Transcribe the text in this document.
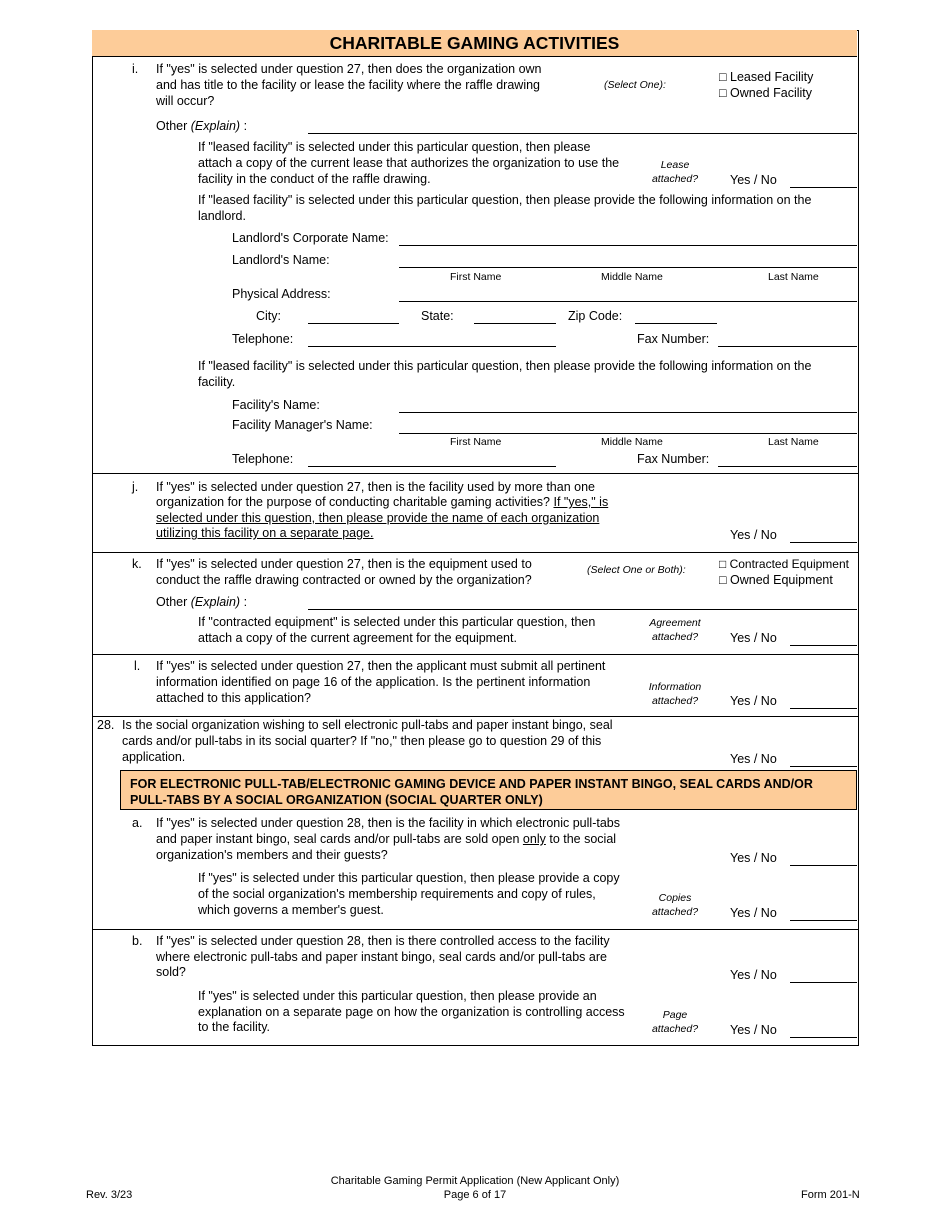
CHARITABLE GAMING ACTIVITIES
i. If "yes" is selected under question 27, then does the organization own
and has title to the facility or lease the facility where the raffle drawing
will occur?
(Select One):
□ Leased Facility
□ Owned Facility
Other (Explain) :
If "leased facility" is selected under this particular question, then please
attach a copy of the current lease that authorizes the organization to use the
facility in the conduct of the raffle drawing.
Lease
attached?	Yes / No
If "leased facility" is selected under this particular question, then please provide the following information on the
landlord.
Landlord's Corporate Name:
Landlord's Name:
First Name	Middle Name	Last Name
Physical Address:
City:	State:	Zip Code:
Telephone:	Fax Number:
If "leased facility" is selected under this particular question, then please provide the following information on the
facility.
Facility's Name:
Facility Manager's Name:
First Name	Middle Name	Last Name
Telephone:	Fax Number:
j. If "yes" is selected under question 27, then is the facility used by more than one
organization for the purpose of conducting charitable gaming activities? If "yes," is
selected under this question, then please provide the name of each organization
utilizing this facility on a separate page.	Yes / No
k. If "yes" is selected under question 27, then is the equipment used to
conduct the raffle drawing contracted or owned by the organization?
(Select One or Both):	□ Contracted Equipment
□ Owned Equipment
Other (Explain) :
If "contracted equipment" is selected under this particular question, then
attach a copy of the current agreement for the equipment.
Agreement
attached?	Yes / No
l. If "yes" is selected under question 27, then the applicant must submit all pertinent
information identified on page 16 of the application. Is the pertinent information
attached to this application?
Information
attached?	Yes / No
28. Is the social organization wishing to sell electronic pull-tabs and paper instant bingo, seal
cards and/or pull-tabs in its social quarter? If "no," then please go to question 29 of this
application.	Yes / No
FOR ELECTRONIC PULL-TAB/ELECTRONIC GAMING DEVICE AND PAPER INSTANT BINGO, SEAL CARDS AND/OR
PULL-TABS BY A SOCIAL ORGANIZATION (SOCIAL QUARTER ONLY)
a. If "yes" is selected under question 28, then is the facility in which electronic pull-tabs
and paper instant bingo, seal cards and/or pull-tabs are sold open only to the social
organization's members and their guests?	Yes / No
If "yes" is selected under this particular question, then please provide a copy
of the social organization's membership requirements and copy of rules,
which governs a member's guest.
Copies
attached?	Yes / No
b. If "yes" is selected under question 28, then is there controlled access to the facility
where electronic pull-tabs and paper instant bingo, seal cards and/or pull-tabs are
sold?	Yes / No
If "yes" is selected under this particular question, then please provide an
explanation on a separate page on how the organization is controlling access
to the facility.
Page
attached?	Yes / No
Charitable Gaming Permit Application (New Applicant Only)
Page 6 of 17
Rev. 3/23	Form 201-N
